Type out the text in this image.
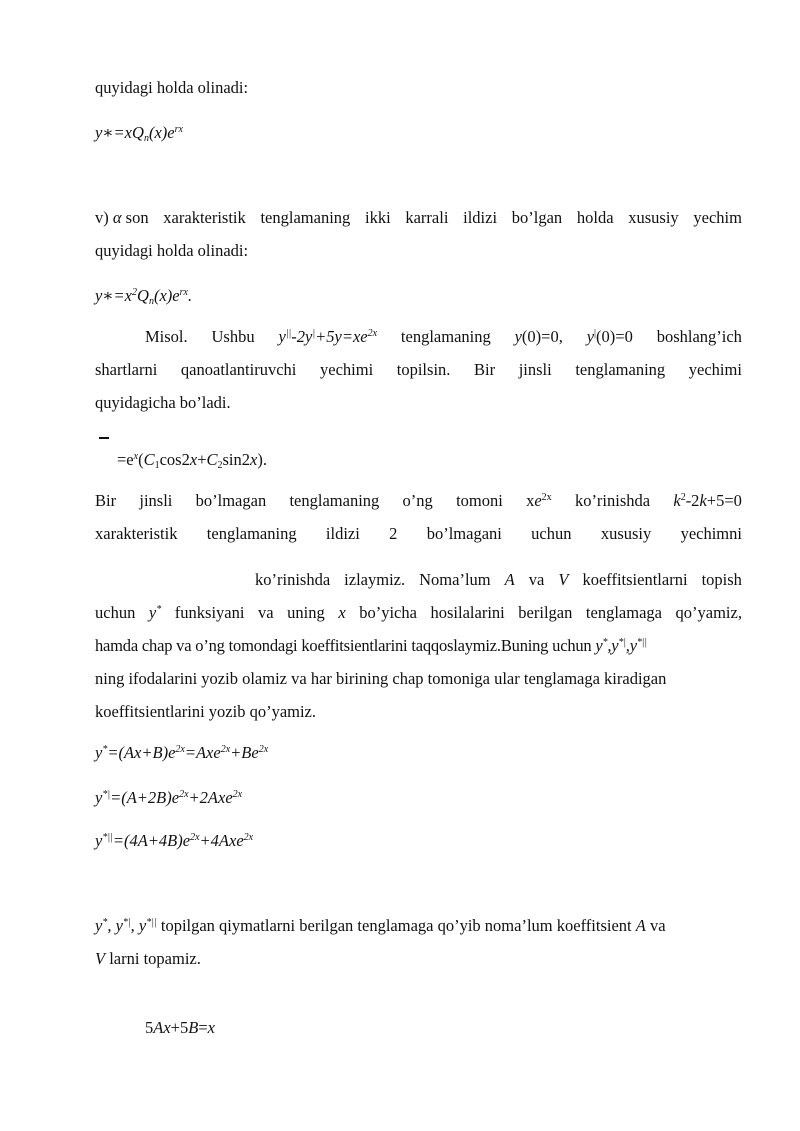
quyidagi holda olinadi:
$y∗=xQ_n(x)e^{rx}$
v) α son xarakteristik tenglamaning ikki karrali ildizi bo’lgan holda xususiy yechim
quyidagi holda olinadi:
$y∗=x^2Q_n(x)e^{rx}$.
Misol. Ushbu $y^{||}-2y^|+5y=xe^{2x}$ tenglamaning y(0)=0, y|(0)=0 boshlang’ich
shartlarni qanoatlantiruvchi yechimi topilsin. Bir jinsli tenglamaning yechimi
quyidagicha bo’ladi.
$=e^x(C_1\cos 2x+C_2\sin 2x)$.
Bir jinsli bo’lmagan tenglamaning o’ng tomoni $xe^{2x}$ ko’rinishda $k^2-2k+5=0$
xarakteristik tenglamaning ildizi 2 bo’lmagani uchun xususiy yechimni
ko’rinishda izlaymiz. Noma’lum A va V koeffitsientlarni topish
uchun y* funksiyani va uning x bo’yicha hosilalarini berilgan tenglamaga qo’yamiz,
hamda chap va o’ng tomondagi koeffitsientlarini taqqoslaymiz.Buning uchun y*,y*|,y*||
ning ifodalarini yozib olamiz va har birining chap tomoniga ular tenglamaga kiradigan
koeffitsientlarini yozib qo’yamiz.
$y^*=(Ax+B)e^{2x}=Axe^{2x}+Be^{2x}$
$y^{*|}=(A+2B)e^{2x}+2Axe^{2x}$
$y^{*||}=(4A+4B)e^{2x}+4Axe^{2x}$
y*, y*|, y*|| topilgan qiymatlarni berilgan tenglamaga qo’yib noma’lum koeffitsient A va
V larni topamiz.
5Ax+5B=x
